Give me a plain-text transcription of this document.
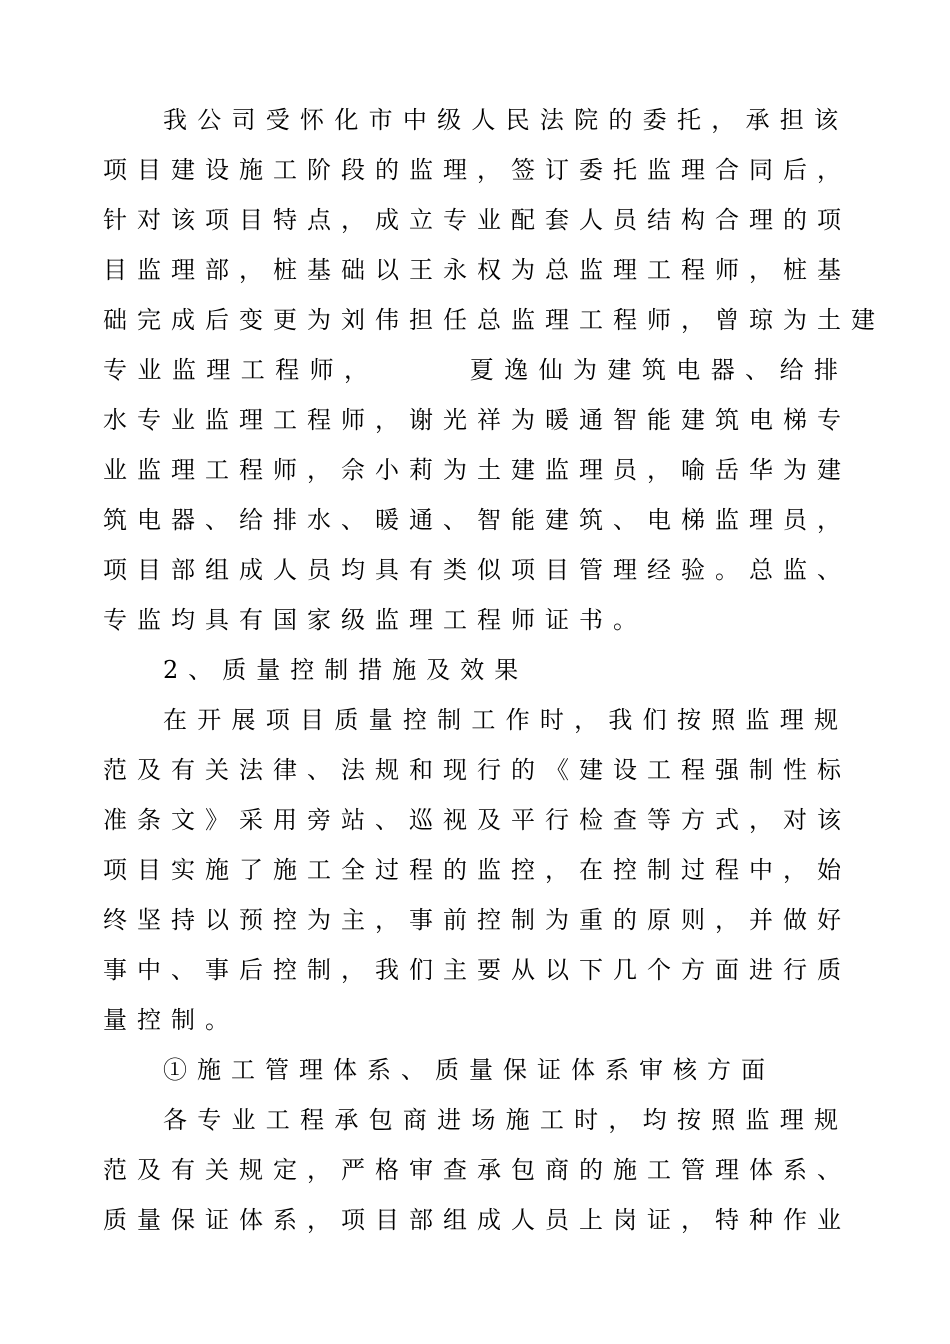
我公司受怀化市中级人民法院的委托，承担该
项目建设施工阶段的监理，签订委托监理合同后，
针对该项目特点，成立专业配套人员结构合理的项
目监理部，桩基础以王永权为总监理工程师，桩基
础完成后变更为刘伟担任总监理工程师，曾琼为土建
专业监理工程师，　　　夏逸仙为建筑电器、给排
水专业监理工程师，谢光祥为暖通智能建筑电梯专
业监理工程师，佘小莉为土建监理员，喻岳华为建
筑电器、给排水、暖通、智能建筑、电梯监理员，
项目部组成人员均具有类似项目管理经验。总监、
专监均具有国家级监理工程师证书。
2、质量控制措施及效果
在开展项目质量控制工作时，我们按照监理规
范及有关法律、法规和现行的《建设工程强制性标
准条文》采用旁站、巡视及平行检查等方式，对该
项目实施了施工全过程的监控，在控制过程中，始
终坚持以预控为主，事前控制为重的原则，并做好
事中、事后控制，我们主要从以下几个方面进行质
量控制。
①施工管理体系、质量保证体系审核方面
各专业工程承包商进场施工时，均按照监理规
范及有关规定，严格审查承包商的施工管理体系、
质量保证体系，项目部组成人员上岗证，特种作业
